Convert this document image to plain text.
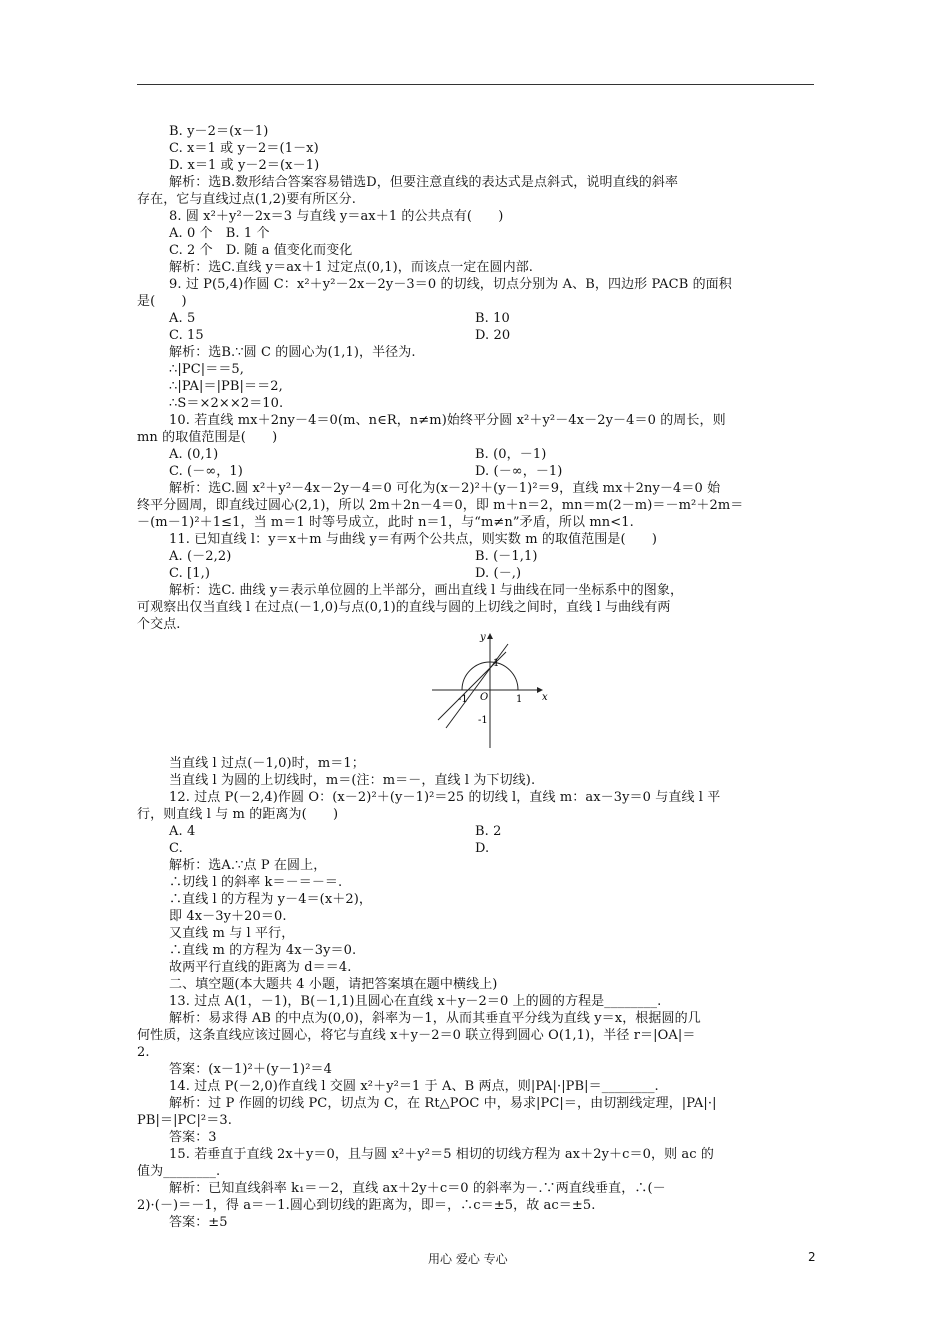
B. y－2＝(x－1)
C. x＝1 或 y－2＝(1－x)
D. x＝1 或 y－2＝(x－1)
解析：选B.数形结合答案容易错选D，但要注意直线的表达式是点斜式，说明直线的斜率
存在，它与直线过点(1,2)要有所区分.
8. 圆 x²＋y²－2x＝3 与直线 y＝ax＋1 的公共点有(　　)
A. 0 个　B. 1 个
C. 2 个　D. 随 a 值变化而变化
解析：选C.直线 y＝ax＋1 过定点(0,1)，而该点一定在圆内部.
9. 过 P(5,4)作圆 C：x²＋y²－2x－2y－3＝0 的切线，切点分别为 A、B，四边形 PACB 的面积
是(　　)
A. 5	B. 10
C. 15	D. 20
解析：选B.∵圆 C 的圆心为(1,1)，半径为.
∴|PC|＝＝5,
∴|PA|＝|PB|＝＝2,
∴S＝×2××2＝10.
10. 若直线 mx＋2ny－4＝0(m、n∈R，n≠m)始终平分圆 x²＋y²－4x－2y－4＝0 的周长，则
mn 的取值范围是(　　)
A. (0,1)	B. (0，－1)
C. (－∞，1)	D. (－∞，－1)
解析：选C.圆 x²＋y²－4x－2y－4＝0 可化为(x－2)²＋(y－1)²＝9，直线 mx＋2ny－4＝0 始
终平分圆周，即直线过圆心(2,1)，所以 2m＋2n－4＝0，即 m＋n＝2，mn＝m(2－m)＝－m²＋2m＝
－(m－1)²＋1≤1，当 m＝1 时等号成立，此时 n＝1，与“m≠n”矛盾，所以 mn<1.
11. 已知直线 l：y＝x＋m 与曲线 y＝有两个公共点，则实数 m 的取值范围是(　　)
A. (－2,2)	B. (－1,1)
C. [1,)	D. (－,)
解析：选C. 曲线 y＝表示单位圆的上半部分，画出直线 l 与曲线在同一坐标系中的图象，
可观察出仅当直线 l 在过点(－1,0)与点(0,1)的直线与圆的上切线之间时，直线 l 与曲线有两
个交点.
当直线 l 过点(－1,0)时，m＝1；
当直线 l 为圆的上切线时，m＝(注：m＝－，直线 l 为下切线).
12. 过点 P(－2,4)作圆 O：(x－2)²＋(y－1)²＝25 的切线 l，直线 m：ax－3y＝0 与直线 l 平
行，则直线 l 与 m 的距离为(　　)
A. 4	B. 2
C.	D.
解析：选A.∵点 P 在圆上，
∴切线 l 的斜率 k＝－＝－＝.
∴直线 l 的方程为 y－4＝(x＋2)，
即 4x－3y＋20＝0.
又直线 m 与 l 平行，
∴直线 m 的方程为 4x－3y＝0.
故两平行直线的距离为 d＝＝4.
二、填空题(本大题共 4 小题，请把答案填在题中横线上)
13. 过点 A(1，－1)，B(－1,1)且圆心在直线 x＋y－2＝0 上的圆的方程是________.
解析：易求得 AB 的中点为(0,0)，斜率为－1，从而其垂直平分线为直线 y＝x，根据圆的几
何性质，这条直线应该过圆心，将它与直线 x＋y－2＝0 联立得到圆心 O(1,1)，半径 r＝|OA|＝
2.
答案：(x－1)²＋(y－1)²＝4
14. 过点 P(－2,0)作直线 l 交圆 x²＋y²＝1 于 A、B 两点，则|PA|·|PB|＝________.
解析：过 P 作圆的切线 PC，切点为 C，在 Rt△POC 中，易求|PC|＝，由切割线定理，|PA|·|
PB|＝|PC|²＝3.
答案：3
15. 若垂直于直线 2x＋y＝0，且与圆 x²＋y²＝5 相切的切线方程为 ax＋2y＋c＝0，则 ac 的
值为________.
解析：已知直线斜率 k₁＝－2，直线 ax＋2y＋c＝0 的斜率为－.∵两直线垂直，∴(－
2)·(－)＝－1，得 a＝－1.圆心到切线的距离为，即＝，∴c＝±5，故 ac＝±5.
答案：±5
y
x
O
-1	1
1
-1
用心 爱心 专心	2
